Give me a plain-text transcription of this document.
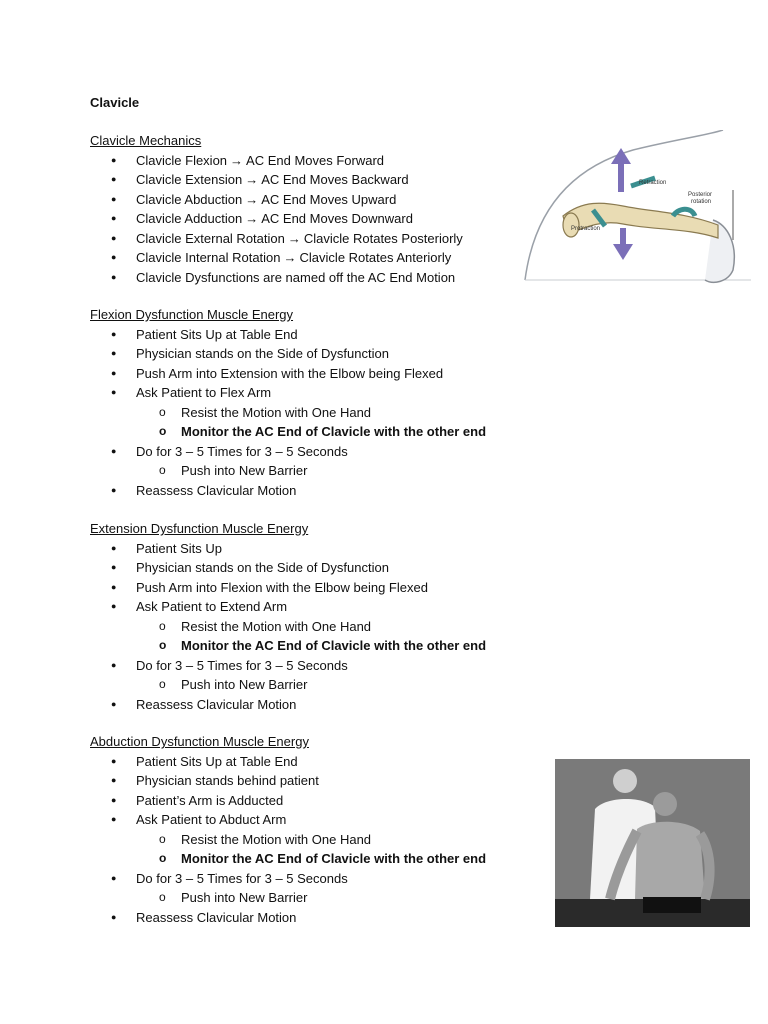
Clavicle
Clavicle Mechanics
● Clavicle Flexion → AC End Moves Forward
● Clavicle Extension → AC End Moves Backward
● Clavicle Abduction → AC End Moves Upward
● Clavicle Adduction → AC End Moves Downward
● Clavicle External Rotation → Clavicle Rotates Posteriorly
● Clavicle Internal Rotation → Clavicle Rotates Anteriorly
● Clavicle Dysfunctions are named off the AC End Motion
Flexion Dysfunction Muscle Energy
● Patient Sits Up at Table End
● Physician stands on the Side of Dysfunction
● Push Arm into Extension with the Elbow being Flexed
● Ask Patient to Flex Arm
o Resist the Motion with One Hand
o Monitor the AC End of Clavicle with the other end
● Do for 3 – 5 Times for 3 – 5 Seconds
o Push into New Barrier
● Reassess Clavicular Motion
Extension Dysfunction Muscle Energy
● Patient Sits Up
● Physician stands on the Side of Dysfunction
● Push Arm into Flexion with the Elbow being Flexed
● Ask Patient to Extend Arm
o Resist the Motion with One Hand
o Monitor the AC End of Clavicle with the other end
● Do for 3 – 5 Times for 3 – 5 Seconds
o Push into New Barrier
● Reassess Clavicular Motion
Abduction Dysfunction Muscle Energy
● Patient Sits Up at Table End
● Physician stands behind patient
● Patient’s Arm is Adducted
● Ask Patient to Abduct Arm
o Resist the Motion with One Hand
o Monitor the AC End of Clavicle with the other end
● Do for 3 – 5 Times for 3 – 5 Seconds
o Push into New Barrier
● Reassess Clavicular Motion
Retraction
Protraction
Posterior
rotation
